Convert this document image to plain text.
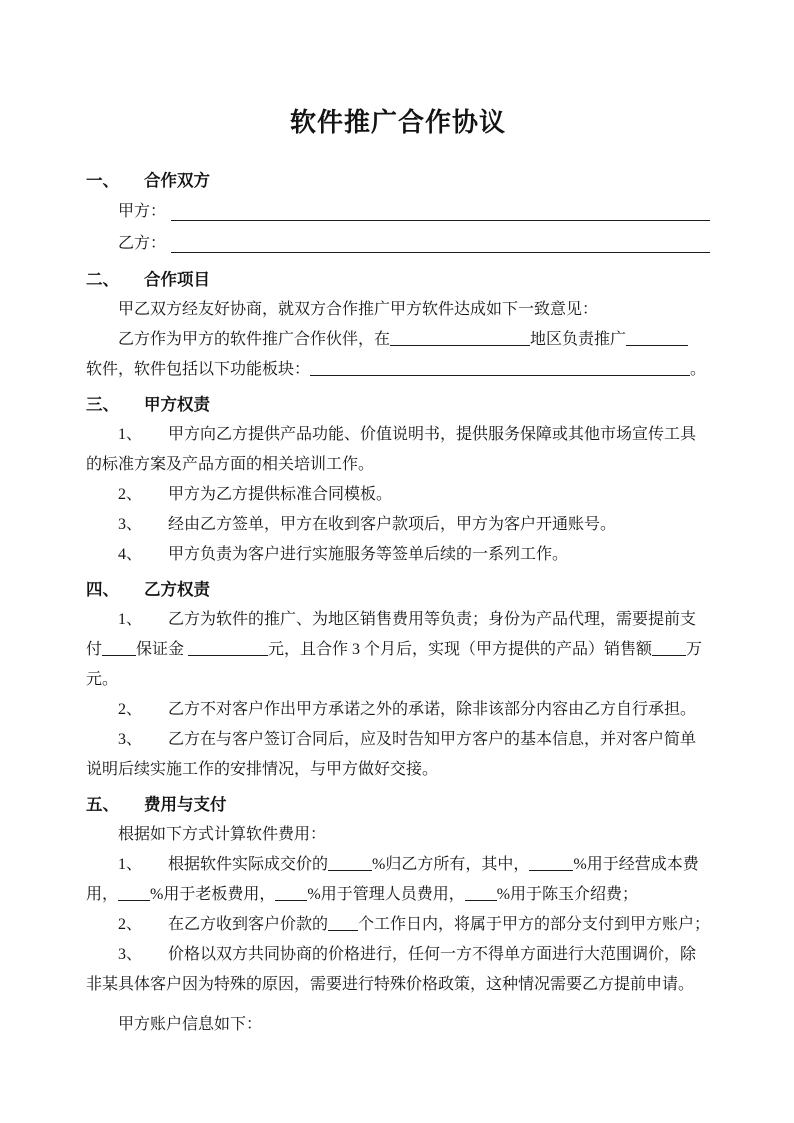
软件推广合作协议
一、 合作双方
甲方：
乙方：
二、 合作项目
甲乙双方经友好协商，就双方合作推广甲方软件达成如下一致意见：
乙方作为甲方的软件推广合作伙伴，在	地区负责推广
软件，软件包括以下功能板块：	。
三、 甲方权责
1、 甲方向乙方提供产品功能、价值说明书，提供服务保障或其他市场宣传工具
的标准方案及产品方面的相关培训工作。
2、 甲方为乙方提供标准合同模板。
3、 经由乙方签单，甲方在收到客户款项后，甲方为客户开通账号。
4、 甲方负责为客户进行实施服务等签单后续的一系列工作。
四、 乙方权责
1、 乙方为软件的推广、为地区销售费用等负责；身份为产品代理，需要提前支
付 保证金	元，且合作 3 个月后，实现（甲方提供的产品）销售额 万
元。
2、 乙方不对客户作出甲方承诺之外的承诺，除非该部分内容由乙方自行承担。
3、 乙方在与客户签订合同后，应及时告知甲方客户的基本信息，并对客户简单
说明后续实施工作的安排情况，与甲方做好交接。
五、 费用与支付
根据如下方式计算软件费用：
1、 根据软件实际成交价的	%归乙方所有，其中，	%用于经营成本费
用， %用于老板费用， %用于管理人员费用， %用于陈玉介绍费；
2、 在乙方收到客户价款的 个工作日内，将属于甲方的部分支付到甲方账户；
3、 价格以双方共同协商的价格进行，任何一方不得单方面进行大范围调价，除
非某具体客户因为特殊的原因，需要进行特殊价格政策，这种情况需要乙方提前申请。
甲方账户信息如下：
